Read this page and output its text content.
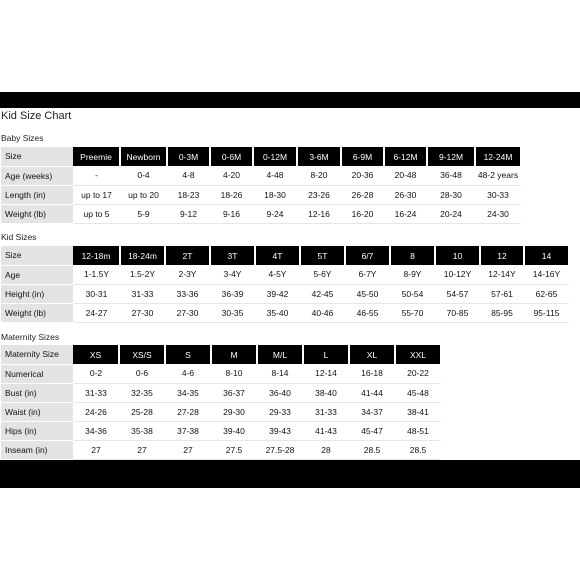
Kid Size Chart
Baby Sizes
Size	Preemie	Newborn	0-3M	0-6M	0-12M	3-6M	6-9M	6-12M	9-12M	12-24M
Age (weeks)	-	0-4	4-8	4-20	4-48	8-20	20-36	20-48	36-48	48-2 years
Length (in)	up to 17	up to 20	18-23	18-26	18-30	23-26	26-28	26-30	28-30	30-33
Weight (lb)	up to 5	5-9	9-12	9-16	9-24	12-16	16-20	16-24	20-24	24-30
Kid Sizes
Size	12-18m	18-24m	2T	3T	4T	5T	6/7	8	10	12	14
Age	1-1.5Y	1.5-2Y	2-3Y	3-4Y	4-5Y	5-6Y	6-7Y	8-9Y	10-12Y	12-14Y	14-16Y
Height (in)	30-31	31-33	33-36	36-39	39-42	42-45	45-50	50-54	54-57	57-61	62-65
Weight (lb)	24-27	27-30	27-30	30-35	35-40	40-46	46-55	55-70	70-85	85-95	95-115
Maternity Sizes
Maternity Size	XS	XS/S	S	M	M/L	L	XL	XXL
Numerical	0-2	0-6	4-6	8-10	8-14	12-14	16-18	20-22
Bust (in)	31-33	32-35	34-35	36-37	36-40	38-40	41-44	45-48
Waist (in)	24-26	25-28	27-28	29-30	29-33	31-33	34-37	38-41
Hips (in)	34-36	35-38	37-38	39-40	39-43	41-43	45-47	48-51
Inseam (in)	27	27	27	27.5	27.5-28	28	28.5	28.5
